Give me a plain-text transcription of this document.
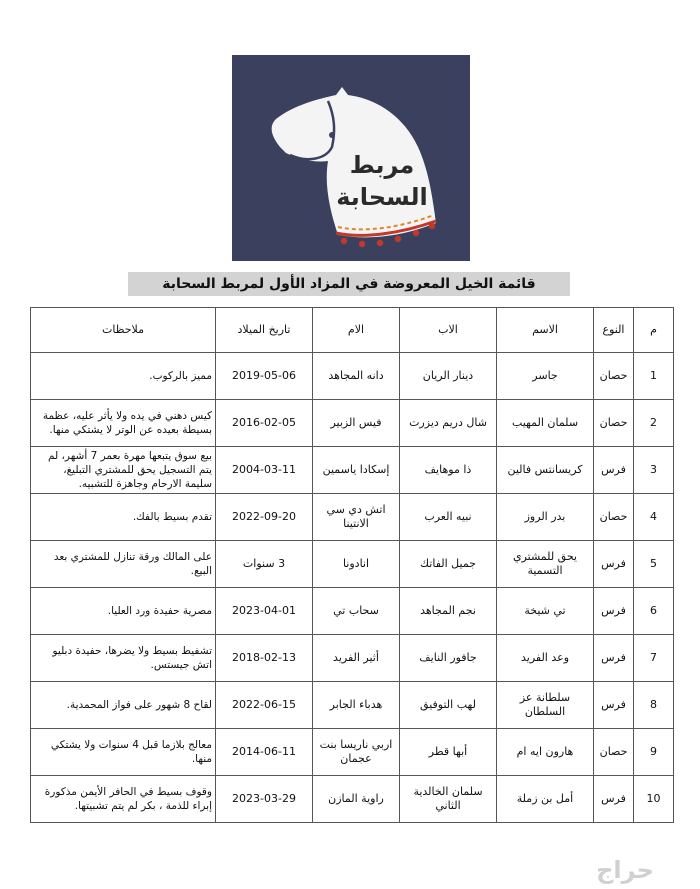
مربط
السحابة
قائمة الخيل المعروضة في المزاد الأول لمربط السحابة
م	النوع	الاسم	الاب	الام	تاريخ الميلاد	ملاحظات
1	حصان	جاسر	دينار الريان	دانه المجاهد	2019-05-06	مميز بالركوب.
2	حصان	سلمان المهيب	شال دريم ديزرت	فيس الزبير	2016-02-05	كيس دهني في يده ولا يأثر عليه، عظمة بسيطة بعيده عن الوتر لا يشتكي منها.
3	فرس	كريسانتس فالين	ذا موهايف	إسكادا ياسمين	2004-03-11	بيع سوق يتبعها مهرة بعمر 7 أشهر، لم يتم التسجيل يحق للمشتري التبليغ، سليمة الارحام وجاهزة للتشبيه.
4	حصان	بدر الروز	نبيه العرب	اتش دي سي الانتينا	2022-09-20	تقدم بسيط بالفك.
5	فرس	يحق للمشتري التسمية	جميل الفاتك	انادونا	3 سنوات	على المالك ورقة تنازل للمشتري بعد البيع.
6	فرس	تي شيخة	نجم المجاهد	سحاب تي	2023-04-01	مصرية حفيدة ورد العليا.
7	فرس	وعد الفريد	جافور النايف	أثير الفريد	2018-02-13	تشفيط بسيط ولا يضرها، حفيدة دبليو اتش جيستس.
8	فرس	سلطانة عز السلطان	لهب التوفيق	هدباء الجابر	2022-06-15	لقاح 8 شهور على فواز المحمدية.
9	حصان	هارون ايه ام	أبها قطر	اربي ناريسا بنت عجمان	2014-06-11	معالج بلازما قبل 4 سنوات ولا يشتكي منها.
10	فرس	أمل بن زملة	سلمان الخالدية الثاني	راوية المازن	2023-03-29	وقوف بسيط في الحافر الأيمن مذكورة إبراء للذمة ، بكر لم يتم تشبيتها.
حراج
